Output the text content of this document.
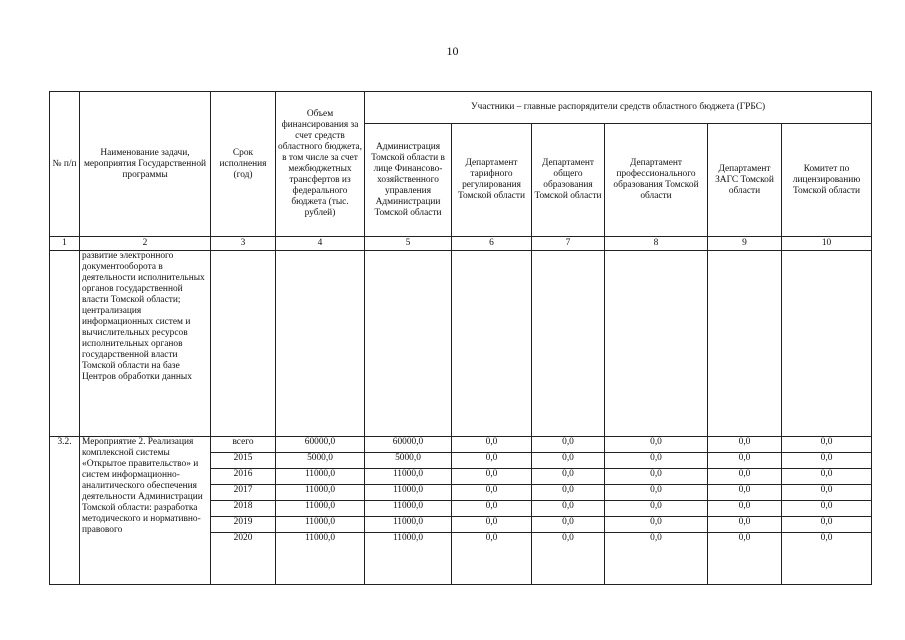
10
№ п/п	Наименование задачи, мероприятия Государственной программы	Срок исполнения (год)	Объем финансирования за счет средств областного бюджета, в том числе за счет межбюджетных трансфертов из федерального бюджета (тыс. рублей)	Участники – главные распорядители средств областного бюджета (ГРБС)					
				Администрация Томской области в лице Финансово-хозяйственного управления Администрации Томской области	Департамент тарифного регулирования Томской области	Департамент общего образования Томской области	Департамент профессионального образования Томской области	Департамент ЗАГС Томской области	Комитет по лицензированию Томской области
1	2	3	4	5	6	7	8	9	10
	развитие электронного документооборота в деятельности исполнительных органов государственной власти Томской области; централизация информационных систем и вычислительных ресурсов исполнительных органов государственной власти Томской области на базе Центров обработки данных								
3.2.	Мероприятие 2. Реализация комплексной системы «Открытое правительство» и систем информационно-аналитического обеспечения деятельности Администрации Томской области: разработка методического и нормативно-правового	всего	60000,0	60000,0	0,0	0,0	0,0	0,0	0,0
		2015	5000,0	5000,0	0,0	0,0	0,0	0,0	0,0
		2016	11000,0	11000,0	0,0	0,0	0,0	0,0	0,0
		2017	11000,0	11000,0	0,0	0,0	0,0	0,0	0,0
		2018	11000,0	11000,0	0,0	0,0	0,0	0,0	0,0
		2019	11000,0	11000,0	0,0	0,0	0,0	0,0	0,0
		2020	11000,0	11000,0	0,0	0,0	0,0	0,0	0,0
